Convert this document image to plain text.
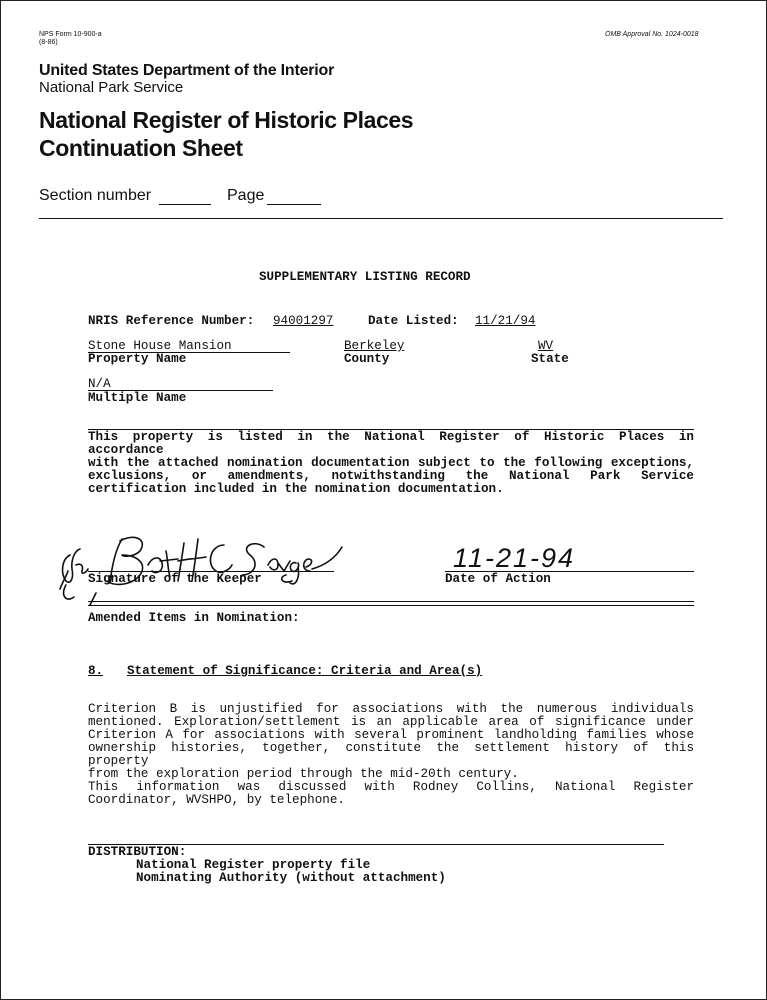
NPS Form 10-900-a
(8-86)
OMB Approval No. 1024-0018
United States Department of the Interior
National Park Service
National Register of Historic Places
Continuation Sheet
Section number	Page
SUPPLEMENTARY LISTING RECORD
NRIS Reference Number: 94001297	Date Listed: 11/21/94
Stone House Mansion
Property Name
Berkeley
County
WV
State
N/A
Multiple Name
This property is listed in the National Register of Historic Places in accordance
with the attached nomination documentation subject to the following exceptions,
exclusions, or amendments, notwithstanding the National Park Service
certification included in the nomination documentation.
Signature of the Keeper
11-21-94
Date of Action
Amended Items in Nomination:
8. Statement of Significance: Criteria and Area(s)
Criterion B is unjustified for associations with the numerous individuals
mentioned. Exploration/settlement is an applicable area of significance under
Criterion A for associations with several prominent landholding families whose
ownership histories, together, constitute the settlement history of this property
from the exploration period through the mid-20th century.
This information was discussed with Rodney Collins, National Register
Coordinator, WVSHPO, by telephone.
DISTRIBUTION:
National Register property file
Nominating Authority (without attachment)
